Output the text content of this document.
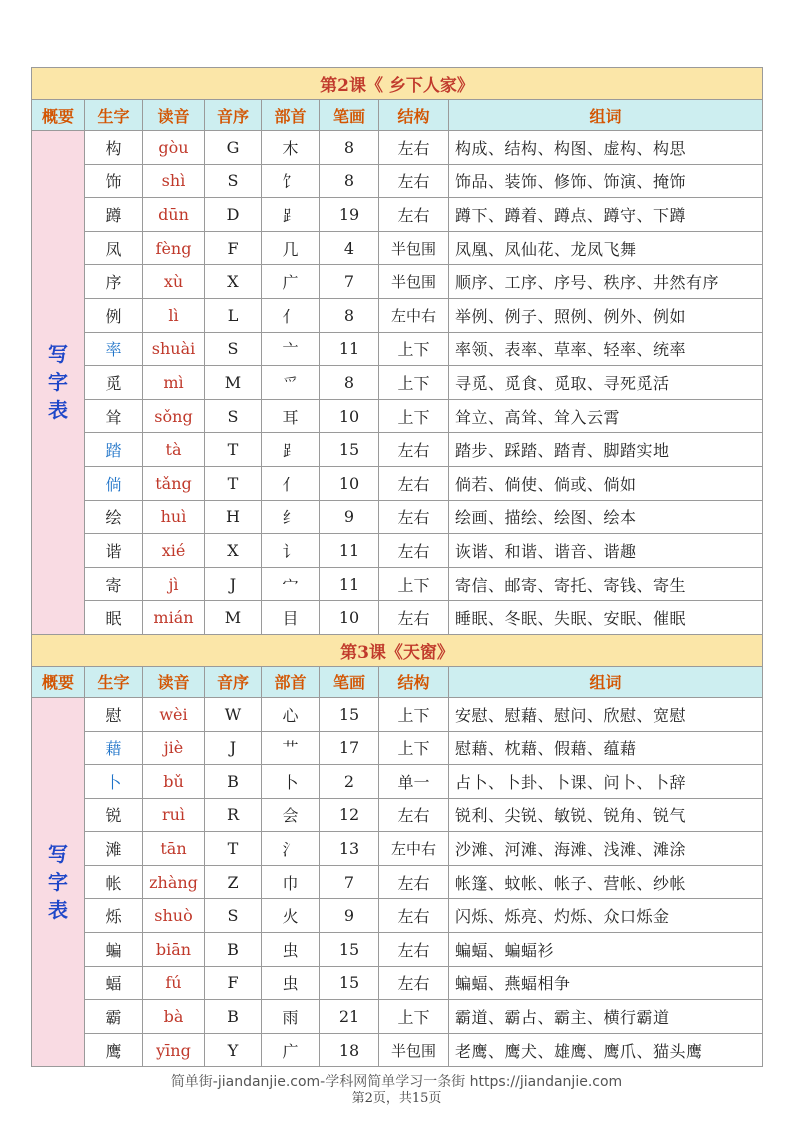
第2课《 乡下人家》							
概要	生字	读音	音序	部首	笔画	结构	组词

写
字
表	构	gòu	G	木	8	左右	构成、结构、构图、虚构、构思
	饰	shì	S	饣	8	左右	饰品、装饰、修饰、饰演、掩饰
	蹲	dūn	D	⻊	19	左右	蹲下、蹲着、蹲点、蹲守、下蹲
	凤	fèng	F	几	4	半包围	凤凰、凤仙花、龙凤飞舞
	序	xù	X	广	7	半包围	顺序、工序、序号、秩序、井然有序
	例	lì	L	亻	8	左中右	举例、例子、照例、例外、例如
	率	shuài	S	亠	11	上下	率领、表率、草率、轻率、统率
	觅	mì	M	爫	8	上下	寻觅、觅食、觅取、寻死觅活
	耸	sǒng	S	耳	10	上下	耸立、高耸、耸入云霄
	踏	tà	T	⻊	15	左右	踏步、踩踏、踏青、脚踏实地
	倘	tǎng	T	亻	10	左右	倘若、倘使、倘或、倘如
	绘	huì	H	纟	9	左右	绘画、描绘、绘图、绘本
	谐	xié	X	讠	11	左右	诙谐、和谐、谐音、谐趣
	寄	jì	J	宀	11	上下	寄信、邮寄、寄托、寄钱、寄生
	眠	mián	M	目	10	左右	睡眠、冬眠、失眠、安眠、催眠
第3课《天窗》							
概要	生字	读音	音序	部首	笔画	结构	组词

写
字
表	慰	wèi	W	心	15	上下	安慰、慰藉、慰问、欣慰、宽慰
	藉	jiè	J	艹	17	上下	慰藉、枕藉、假藉、蕴藉
	卜	bǔ	B	卜	2	单一	占卜、卜卦、卜课、问卜、卜辞
	锐	ruì	R	会	12	左右	锐利、尖锐、敏锐、锐角、锐气
	滩	tān	T	氵	13	左中右	沙滩、河滩、海滩、浅滩、滩涂
	帐	zhàng	Z	巾	7	左右	帐篷、蚊帐、帐子、营帐、纱帐
	烁	shuò	S	火	9	左右	闪烁、烁亮、灼烁、众口烁金
	蝙	biān	B	虫	15	左右	蝙蝠、蝙蝠衫
	蝠	fú	F	虫	15	左右	蝙蝠、燕蝠相争
	霸	bà	B	雨	21	上下	霸道、霸占、霸主、横行霸道
	鹰	yīng	Y	广	18	半包围	老鹰、鹰犬、雄鹰、鹰爪、猫头鹰
简单街-jiandanjie.com-学科网简单学习一条街 https://jiandanjie.com
第2页，共15页
